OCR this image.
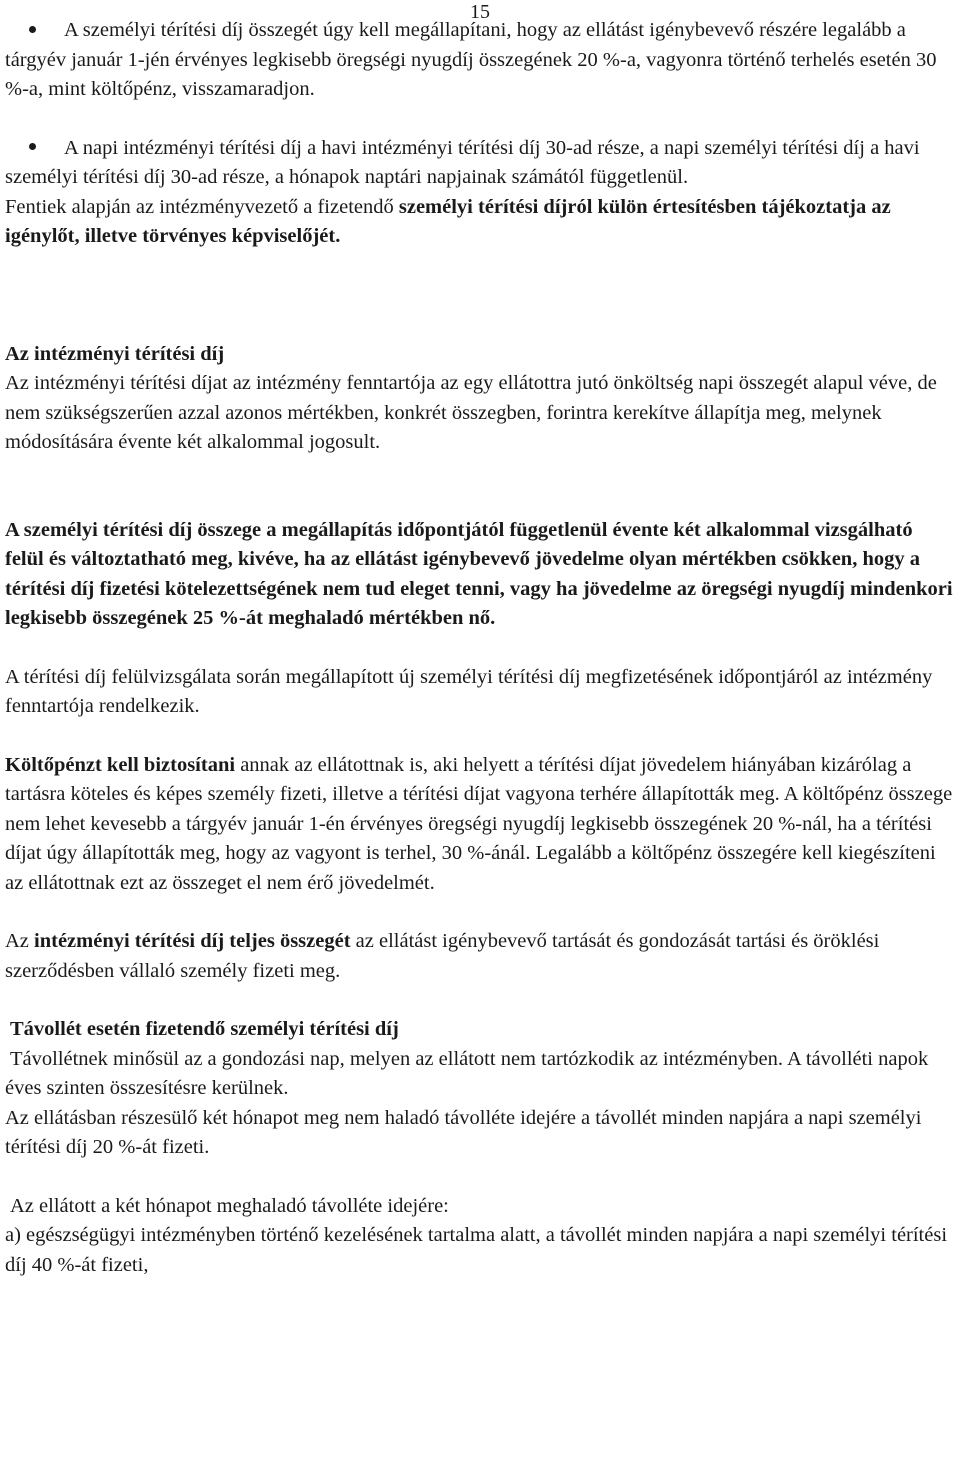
15

A személyi térítési díj összegét úgy kell megállapítani, hogy az ellátást igénybevevő részére legalább a tárgyév január 1-jén érvényes legkisebb öregségi nyugdíj összegének 20 %-a, vagyonra történő terhelés esetén 30 %-a, mint költőpénz, visszamaradjon.

A napi intézményi térítési díj a havi intézményi térítési díj 30-ad része, a napi személyi térítési díj a havi személyi térítési díj 30-ad része, a hónapok naptári napjainak számától függetlenül.

Fentiek alapján az intézményvezető a fizetendő személyi térítési díjról külön értesítésben tájékoztatja az igénylőt, illetve törvényes képviselőjét.

Az intézményi térítési díj

Az intézményi térítési díjat az intézmény fenntartója az egy ellátottra jutó önköltség napi összegét alapul véve, de nem szükségszerűen azzal azonos mértékben, konkrét összegben, forintra kerekítve állapítja meg, melynek módosítására évente két alkalommal jogosult.

A személyi térítési díj összege a megállapítás időpontjától függetlenül évente két alkalommal vizsgálható felül és változtatható meg, kivéve, ha az ellátást igénybevevő jövedelme olyan mértékben csökken, hogy a térítési díj fizetési kötelezettségének nem tud eleget tenni, vagy ha jövedelme az öregségi nyugdíj mindenkori legkisebb összegének 25 %-át meghaladó mértékben nő.

A térítési díj felülvizsgálata során megállapított új személyi térítési díj megfizetésének időpontjáról az intézmény fenntartója rendelkezik.

Költőpénzt kell biztosítani annak az ellátottnak is, aki helyett a térítési díjat jövedelem hiányában kizárólag a tartásra köteles és képes személy fizeti, illetve a térítési díjat vagyona terhére állapították meg. A költőpénz összege nem lehet kevesebb a tárgyév január 1-én érvényes öregségi nyugdíj legkisebb összegének 20 %-nál, ha a térítési díjat úgy állapították meg, hogy az vagyont is terhel, 30 %-ánál. Legalább a költőpénz összegére kell kiegészíteni az ellátottnak ezt az összeget el nem érő jövedelmét.

Az intézményi térítési díj teljes összegét az ellátást igénybevevő tartását és gondozását tartási és öröklési szerződésben vállaló személy fizeti meg.

Távollét esetén fizetendő személyi térítési díj

Távollétnek minősül az a gondozási nap, melyen az ellátott nem tartózkodik az intézményben. A távolléti napok éves szinten összesítésre kerülnek.

Az ellátásban részesülő két hónapot meg nem haladó távolléte idejére a távollét minden napjára a napi személyi térítési díj 20 %-át fizeti.

Az ellátott a két hónapot meghaladó távolléte idejére:

a) egészségügyi intézményben történő kezelésének tartalma alatt, a távollét minden napjára a napi személyi térítési díj 40 %-át fizeti,
